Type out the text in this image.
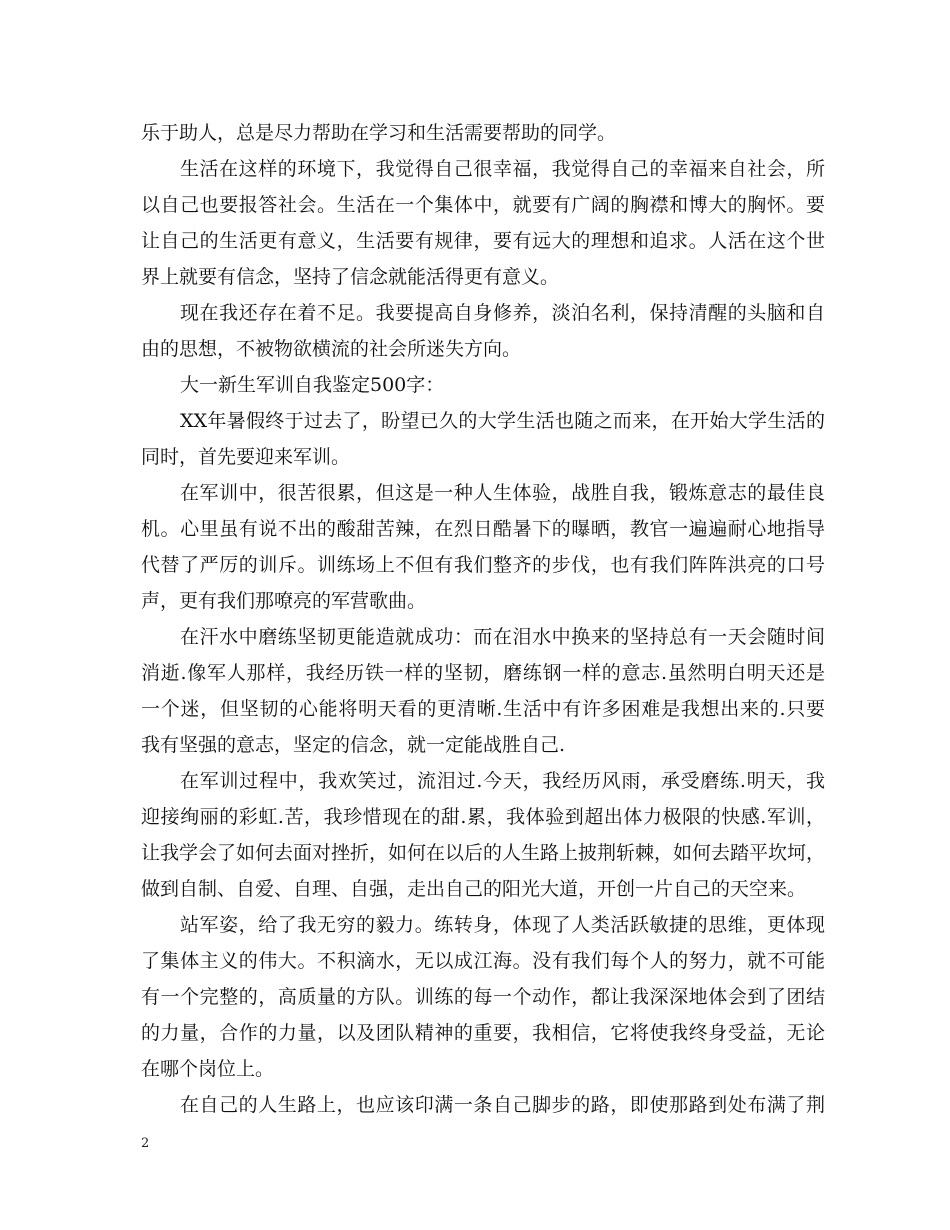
乐于助人，总是尽力帮助在学习和生活需要帮助的同学。
生活在这样的环境下，我觉得自己很幸福，我觉得自己的幸福来自社会，所
以自己也要报答社会。生活在一个集体中，就要有广阔的胸襟和博大的胸怀。要
让自己的生活更有意义，生活要有规律，要有远大的理想和追求。人活在这个世
界上就要有信念，坚持了信念就能活得更有意义。
现在我还存在着不足。我要提高自身修养，淡泊名利，保持清醒的头脑和自
由的思想，不被物欲横流的社会所迷失方向。
大一新生军训自我鉴定500字：
XX年暑假终于过去了，盼望已久的大学生活也随之而来，在开始大学生活的
同时，首先要迎来军训。
在军训中，很苦很累，但这是一种人生体验，战胜自我，锻炼意志的最佳良
机。心里虽有说不出的酸甜苦辣，在烈日酷暑下的曝晒，教官一遍遍耐心地指导
代替了严厉的训斥。训练场上不但有我们整齐的步伐，也有我们阵阵洪亮的口号
声，更有我们那嘹亮的军营歌曲。
在汗水中磨练坚韧更能造就成功：而在泪水中换来的坚持总有一天会随时间
消逝.像军人那样，我经历铁一样的坚韧，磨练钢一样的意志.虽然明白明天还是
一个迷，但坚韧的心能将明天看的更清晰.生活中有许多困难是我想出来的.只要
我有坚强的意志，坚定的信念，就一定能战胜自己.
在军训过程中，我欢笑过，流泪过.今天，我经历风雨，承受磨练.明天，我
迎接绚丽的彩虹.苦，我珍惜现在的甜.累，我体验到超出体力极限的快感.军训，
让我学会了如何去面对挫折，如何在以后的人生路上披荆斩棘，如何去踏平坎坷，
做到自制、自爱、自理、自强，走出自己的阳光大道，开创一片自己的天空来。
站军姿，给了我无穷的毅力。练转身，体现了人类活跃敏捷的思维，更体现
了集体主义的伟大。不积滴水，无以成江海。没有我们每个人的努力，就不可能
有一个完整的，高质量的方队。训练的每一个动作，都让我深深地体会到了团结
的力量，合作的力量，以及团队精神的重要，我相信，它将使我终身受益，无论
在哪个岗位上。
在自己的人生路上，也应该印满一条自己脚步的路，即使那路到处布满了荆
2
